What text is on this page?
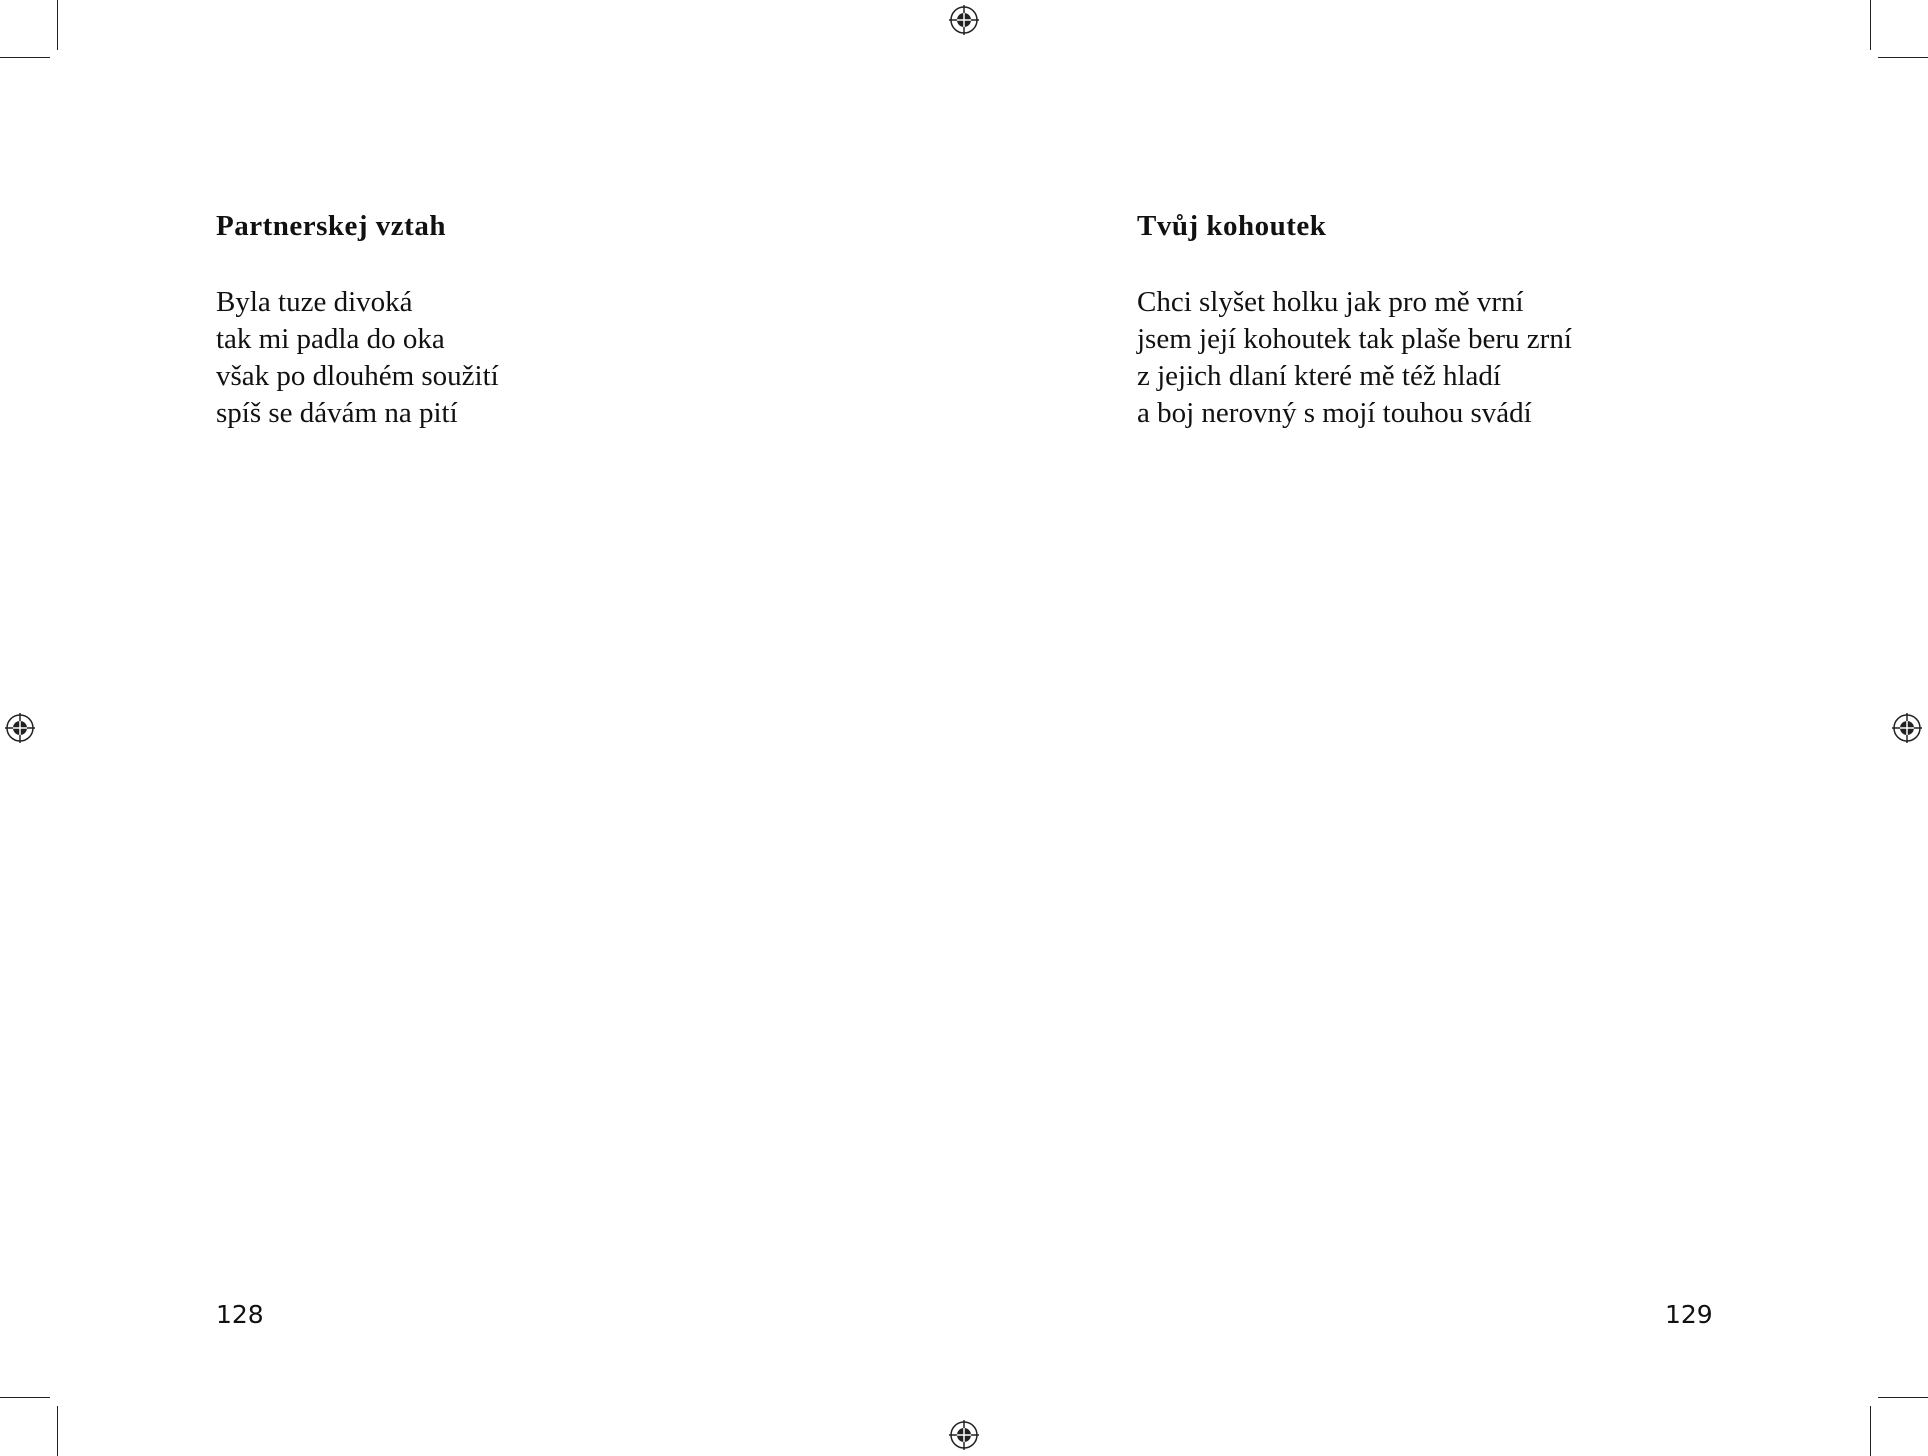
Partnerskej vztah
Byla tuze divoká
tak mi padla do oka
však po dlouhém soužití
spíš se dávám na pití
128
Tvůj kohoutek
Chci slyšet holku jak pro mě vrní
jsem její kohoutek tak plaše beru zrní
z jejich dlaní které mě též hladí
a boj nerovný s mojí touhou svádí
129
